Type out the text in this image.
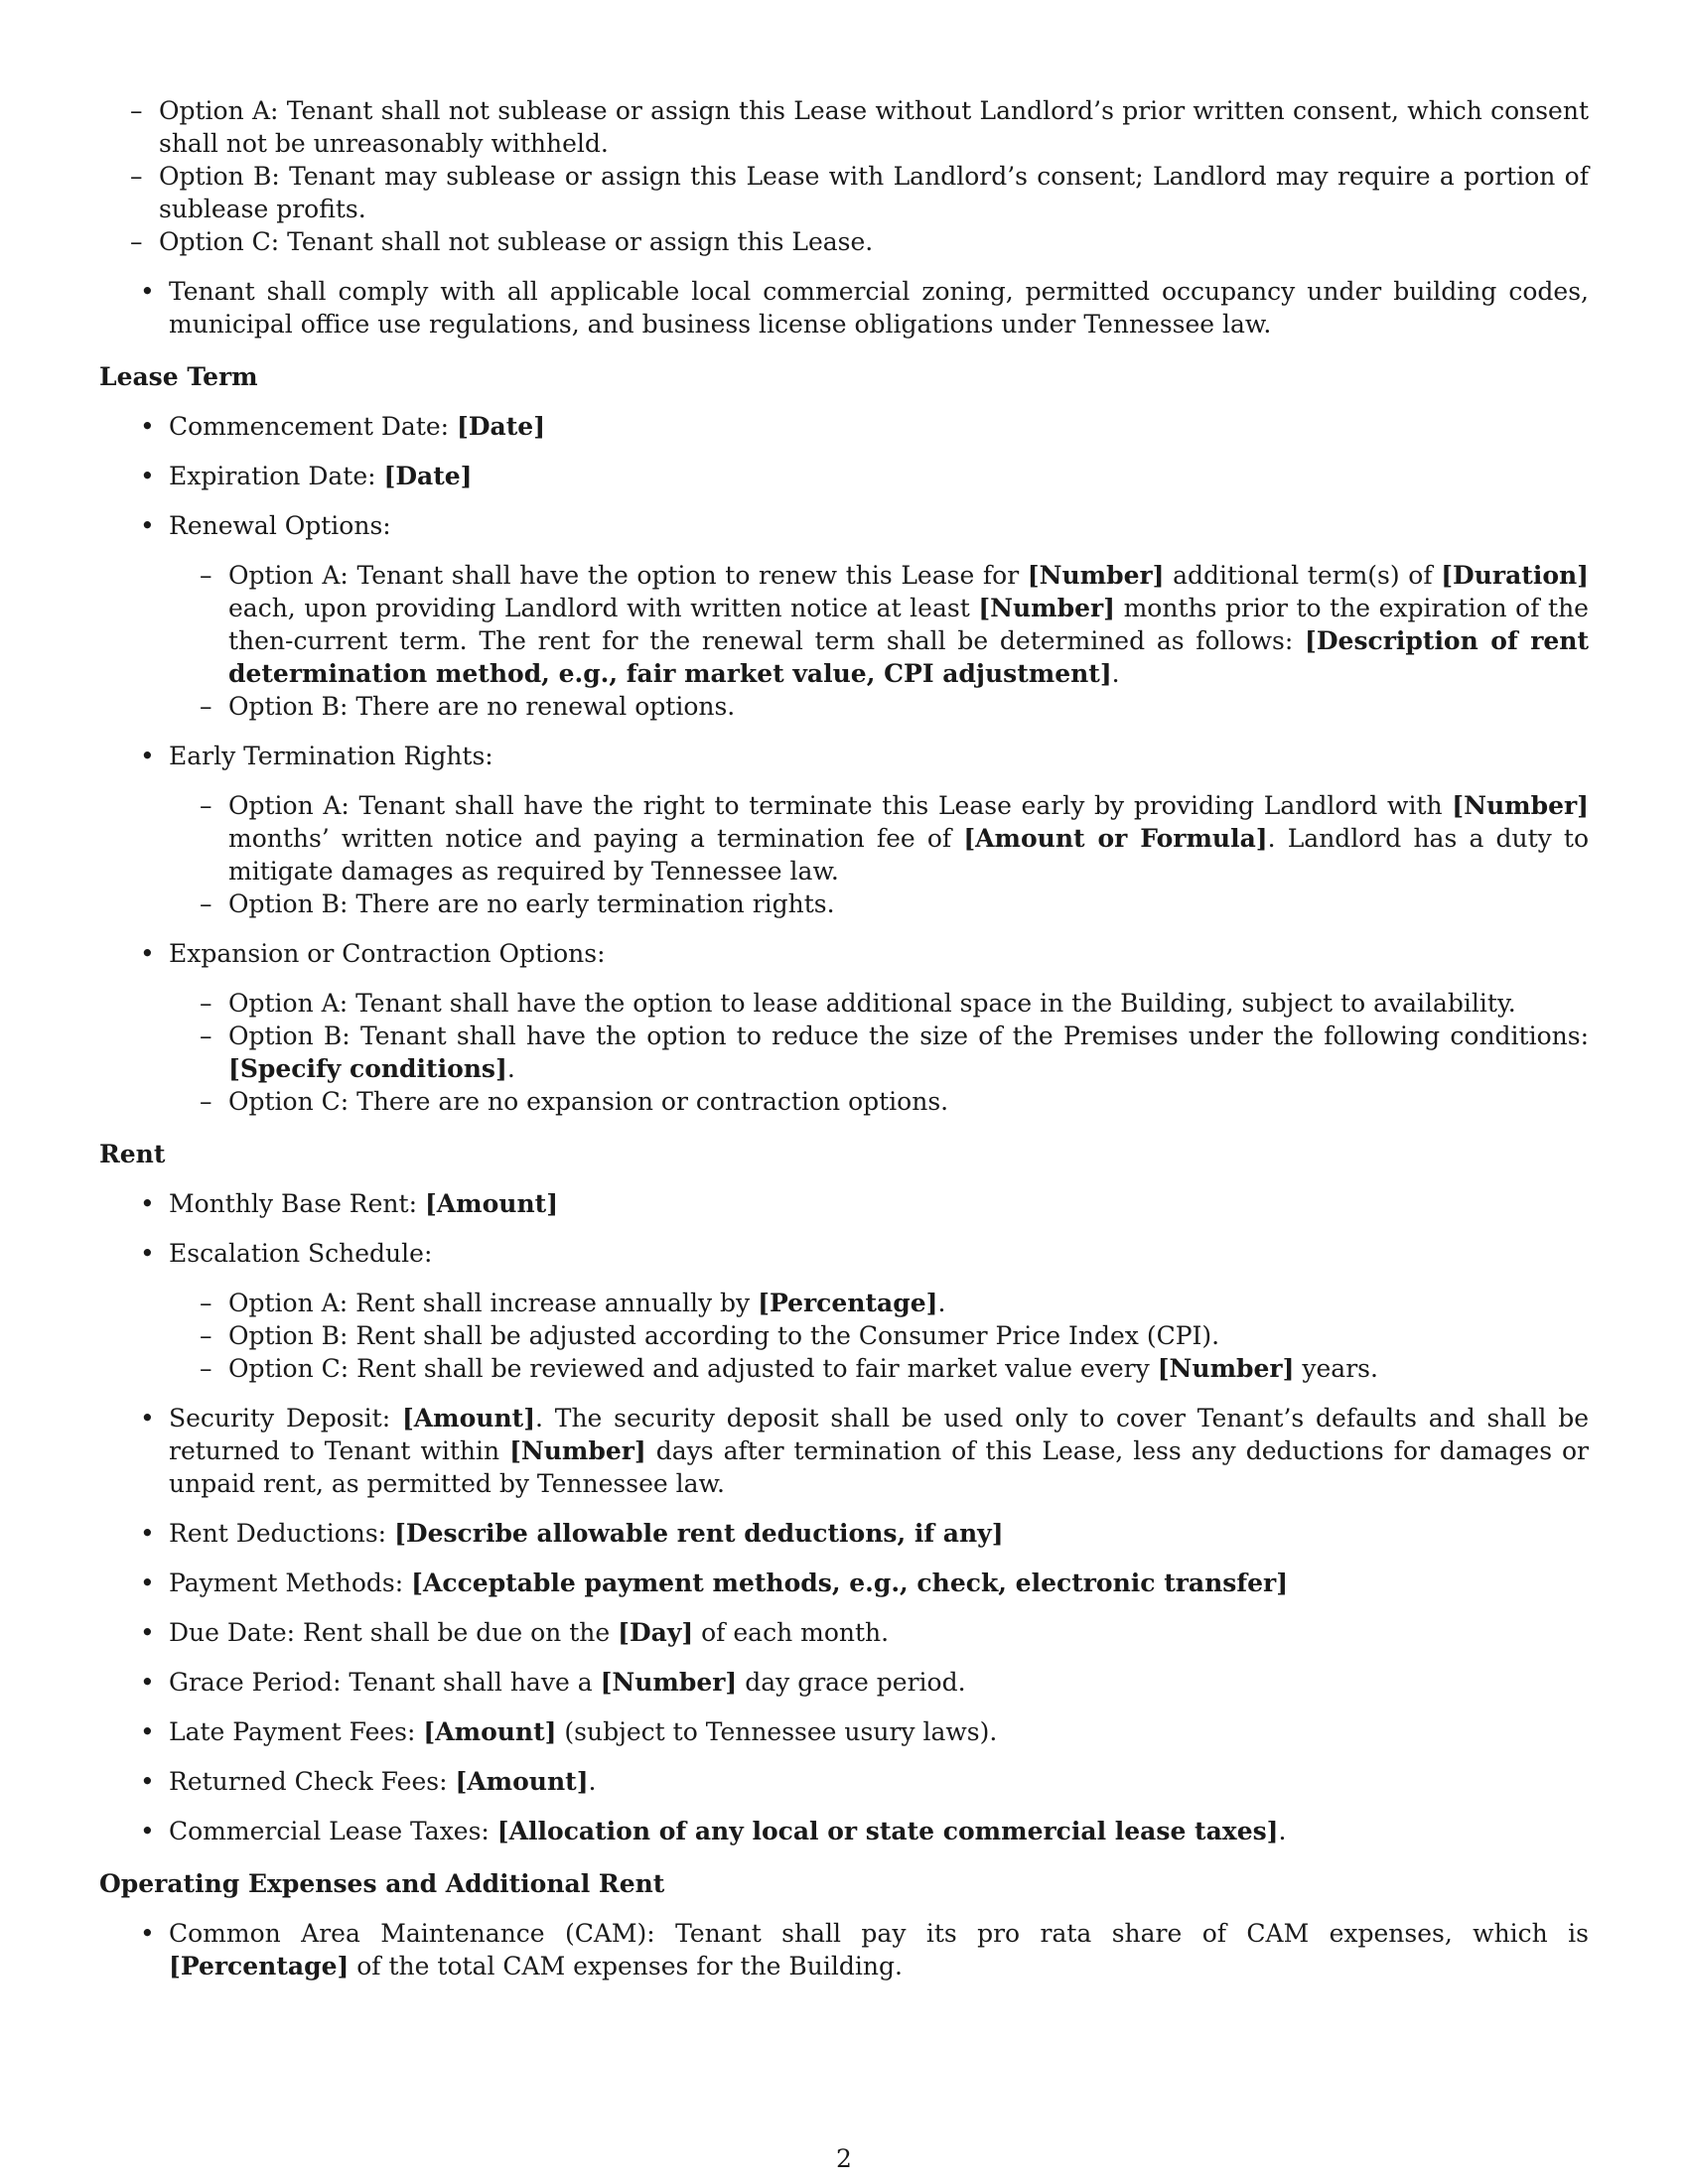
– Option A: Tenant shall not sublease or assign this Lease without Landlord’s prior written consent, which consent shall not be unreasonably withheld.
– Option B: Tenant may sublease or assign this Lease with Landlord’s consent; Landlord may require a portion of sublease profits.
– Option C: Tenant shall not sublease or assign this Lease.
• Tenant shall comply with all applicable local commercial zoning, permitted occupancy under building codes, municipal office use regulations, and business license obligations under Tennessee law.
Lease Term
• Commencement Date: [Date]
• Expiration Date: [Date]
• Renewal Options:
– Option A: Tenant shall have the option to renew this Lease for [Number] additional term(s) of [Duration] each, upon providing Landlord with written notice at least [Number] months prior to the expiration of the then-current term. The rent for the renewal term shall be determined as follows: [Description of rent determination method, e.g., fair market value, CPI adjustment].
– Option B: There are no renewal options.
• Early Termination Rights:
– Option A: Tenant shall have the right to terminate this Lease early by providing Landlord with [Number] months’ written notice and paying a termination fee of [Amount or Formula]. Landlord has a duty to mitigate damages as required by Tennessee law.
– Option B: There are no early termination rights.
• Expansion or Contraction Options:
– Option A: Tenant shall have the option to lease additional space in the Building, subject to availability.
– Option B: Tenant shall have the option to reduce the size of the Premises under the following conditions: [Specify conditions].
– Option C: There are no expansion or contraction options.
Rent
• Monthly Base Rent: [Amount]
• Escalation Schedule:
– Option A: Rent shall increase annually by [Percentage].
– Option B: Rent shall be adjusted according to the Consumer Price Index (CPI).
– Option C: Rent shall be reviewed and adjusted to fair market value every [Number] years.
• Security Deposit: [Amount]. The security deposit shall be used only to cover Tenant’s defaults and shall be returned to Tenant within [Number] days after termination of this Lease, less any deductions for damages or unpaid rent, as permitted by Tennessee law.
• Rent Deductions: [Describe allowable rent deductions, if any]
• Payment Methods: [Acceptable payment methods, e.g., check, electronic transfer]
• Due Date: Rent shall be due on the [Day] of each month.
• Grace Period: Tenant shall have a [Number] day grace period.
• Late Payment Fees: [Amount] (subject to Tennessee usury laws).
• Returned Check Fees: [Amount].
• Commercial Lease Taxes: [Allocation of any local or state commercial lease taxes].
Operating Expenses and Additional Rent
• Common Area Maintenance (CAM): Tenant shall pay its pro rata share of CAM expenses, which is [Percentage] of the total CAM expenses for the Building.
2
